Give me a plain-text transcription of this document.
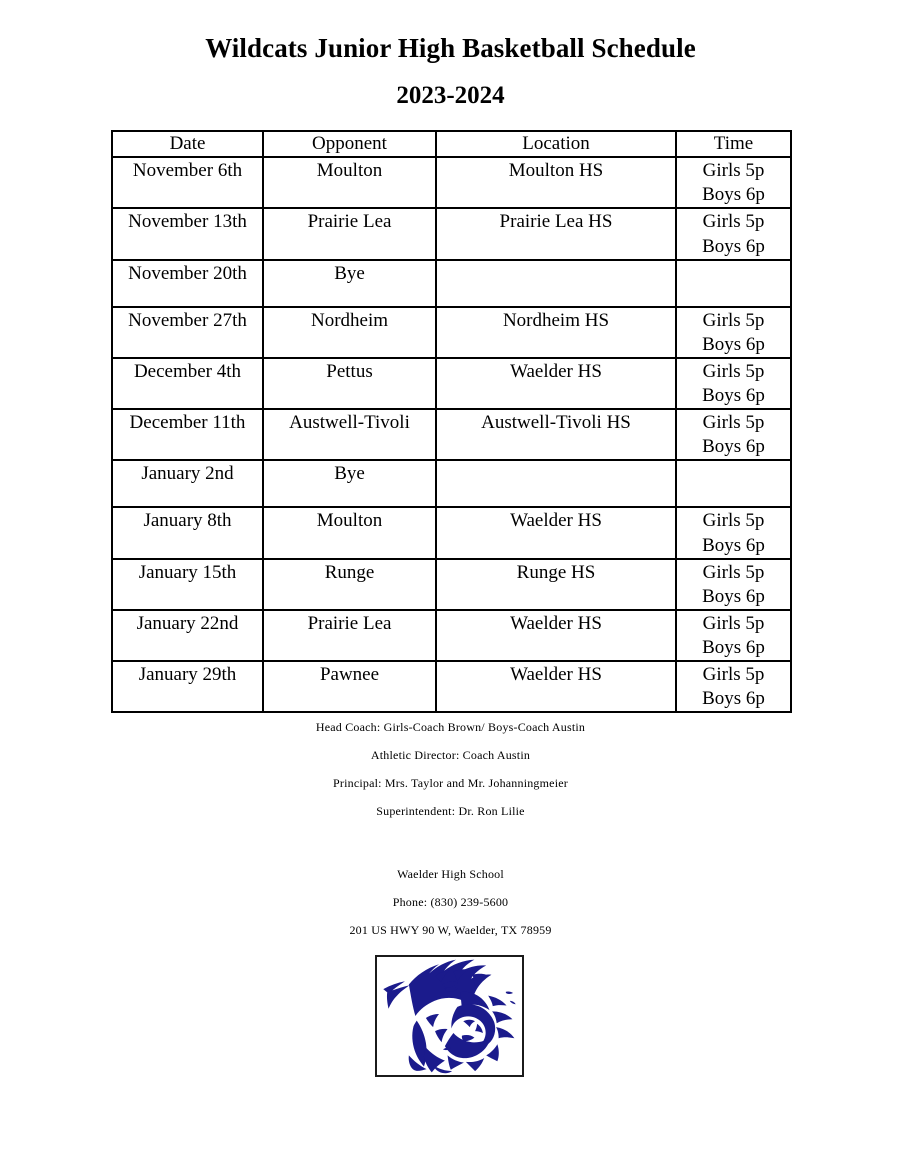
Wildcats Junior High Basketball Schedule
2023-2024
Date	Opponent	Location	Time
November 6th	Moulton	Moulton HS	Girls 5p
Boys 6p

November 13th	Prairie Lea	Prairie Lea HS	Girls 5p
Boys 6p

November 20th	Bye		

November 27th	Nordheim	Nordheim HS	Girls 5p
Boys 6p

December 4th	Pettus	Waelder HS	Girls 5p
Boys 6p

December 11th	Austwell-Tivoli	Austwell-Tivoli HS	Girls 5p
Boys 6p

January 2nd	Bye		

January 8th	Moulton	Waelder HS	Girls 5p
Boys 6p

January 15th	Runge	Runge HS	Girls 5p
Boys 6p

January 22nd	Prairie Lea	Waelder HS	Girls 5p
Boys 6p

January 29th	Pawnee	Waelder HS	Girls 5p
Boys 6p
Head Coach: Girls-Coach Brown/ Boys-Coach Austin
Athletic Director: Coach Austin
Principal: Mrs. Taylor and Mr. Johanningmeier
Superintendent: Dr. Ron Lilie
Waelder High School
Phone: (830) 239-5600
201 US HWY 90 W, Waelder, TX 78959
